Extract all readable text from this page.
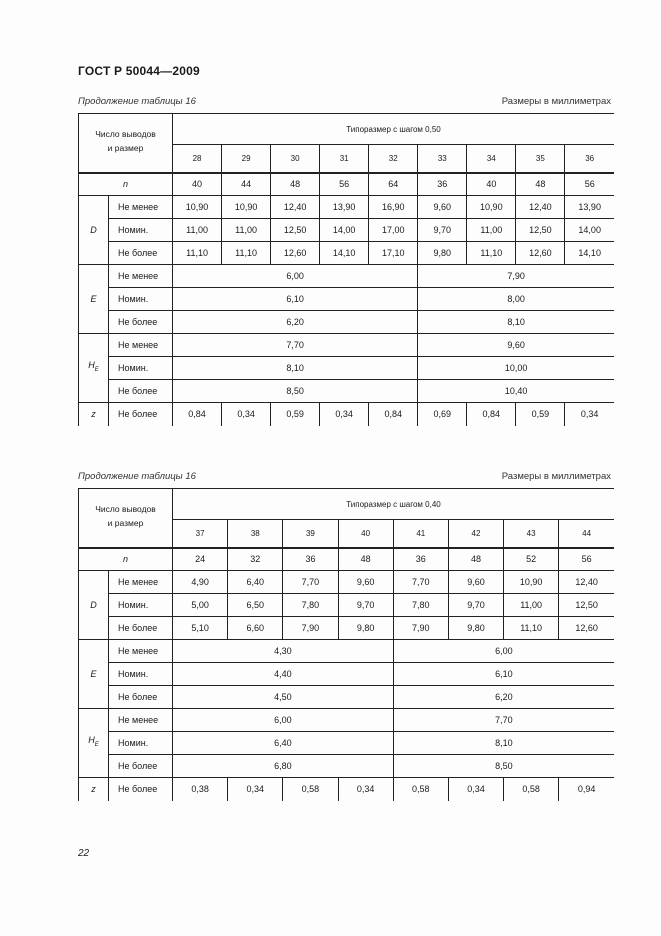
ГОСТ Р 50044—2009
Продолжение таблицы 16	Размеры в миллиметрах
Число выводов
и размер		Типоразмер с шагом 0,50								
		28	29	30	31	32	33	34	35	36
n		40	44	48	56	64	36	40	48	56
D	Не менее	10,90	10,90	12,40	13,90	16,90	9,60	10,90	12,40	13,90
	Номин.	11,00	11,00	12,50	14,00	17,00	9,70	11,00	12,50	14,00
	Не более	11,10	11,10	12,60	14,10	17,10	9,80	11,10	12,60	14,10
E	Не менее	6,00					7,90			
	Номин.	6,10					8,00			
	Не более	6,20					8,10			
$H_E$	Не менее	7,70					9,60			
	Номин.	8,10					10,00			
	Не более	8,50					10,40			
z	Не более	0,84	0,34	0,59	0,34	0,84	0,69	0,84	0,59	0,34
Продолжение таблицы 16	Размеры в миллиметрах
Число выводов
и размер		Типоразмер с шагом 0,40							
		37	38	39	40	41	42	43	44
n		24	32	36	48	36	48	52	56
D	Не менее	4,90	6,40	7,70	9,60	7,70	9,60	10,90	12,40
	Номин.	5,00	6,50	7,80	9,70	7,80	9,70	11,00	12,50
	Не более	5,10	6,60	7,90	9,80	7,90	9,80	11,10	12,60
E	Не менее	4,30				6,00			
	Номин.	4,40				6,10			
	Не более	4,50				6,20			
$H_E$	Не менее	6,00				7,70			
	Номин.	6,40				8,10			
	Не более	6,80				8,50			
z	Не более	0,38	0,34	0,58	0,34	0,58	0,34	0,58	0,94
22
